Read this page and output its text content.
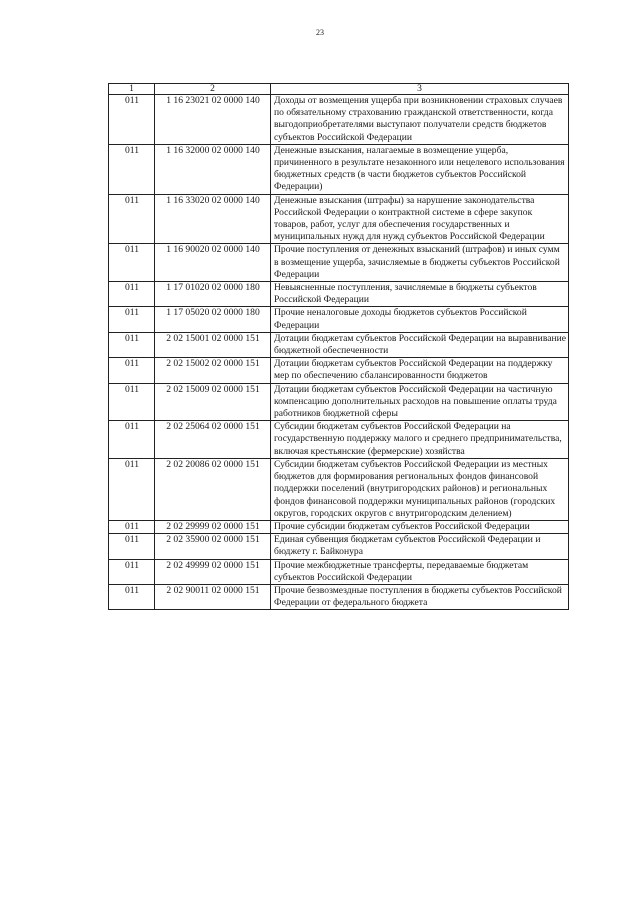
23
1	2	3
011	1 16 23021 02 0000 140	Доходы от возмещения ущерба при возникновении страховых случаев по обязательному страхованию гражданской ответственности, когда выгодоприобретателями выступают получатели средств бюджетов субъектов Российской Федерации
011	1 16 32000 02 0000 140	Денежные взыскания, налагаемые в возмещение ущерба, причиненного в результате незаконного или нецелевого использования бюджетных средств (в части бюджетов субъектов Российской Федерации)
011	1 16 33020 02 0000 140	Денежные взыскания (штрафы) за нарушение законодательства Российской Федерации о контрактной системе в сфере закупок товаров, работ, услуг для обеспечения государственных и муниципальных нужд для нужд субъектов Российской Федерации
011	1 16 90020 02 0000 140	Прочие поступления от денежных взысканий (штрафов) и иных сумм в возмещение ущерба, зачисляемые в бюджеты субъектов Российской Федерации
011	1 17 01020 02 0000 180	Невыясненные поступления, зачисляемые в бюджеты субъектов Российской Федерации
011	1 17 05020 02 0000 180	Прочие неналоговые доходы бюджетов субъектов Российской Федерации
011	2 02 15001 02 0000 151	Дотации бюджетам субъектов Российской Федерации на выравнивание бюджетной обеспеченности
011	2 02 15002 02 0000 151	Дотации бюджетам субъектов Российской Федерации на поддержку мер по обеспечению сбалансированности бюджетов
011	2 02 15009 02 0000 151	Дотации бюджетам субъектов Российской Федерации на частичную компенсацию дополнительных расходов на повышение оплаты труда работников бюджетной сферы
011	2 02 25064 02 0000 151	Субсидии бюджетам субъектов Российской Федерации на государственную поддержку малого и среднего предпринимательства, включая крестьянские (фермерские) хозяйства
011	2 02 20086 02 0000 151	Субсидии бюджетам субъектов Российской Федерации из местных бюджетов для формирования региональных фондов финансовой поддержки поселений (внутригородских районов) и региональных фондов финансовой поддержки муниципальных районов (городских округов, городских округов с внутригородским делением)
011	2 02 29999 02 0000 151	Прочие субсидии бюджетам субъектов Российской Федерации
011	2 02 35900 02 0000 151	Единая субвенция бюджетам субъектов Российской Федерации и бюджету г. Байконура
011	2 02 49999 02 0000 151	Прочие межбюджетные трансферты, передаваемые бюджетам субъектов Российской Федерации
011	2 02 90011 02 0000 151	Прочие безвозмездные поступления в бюджеты субъектов Российской Федерации от федерального бюджета
